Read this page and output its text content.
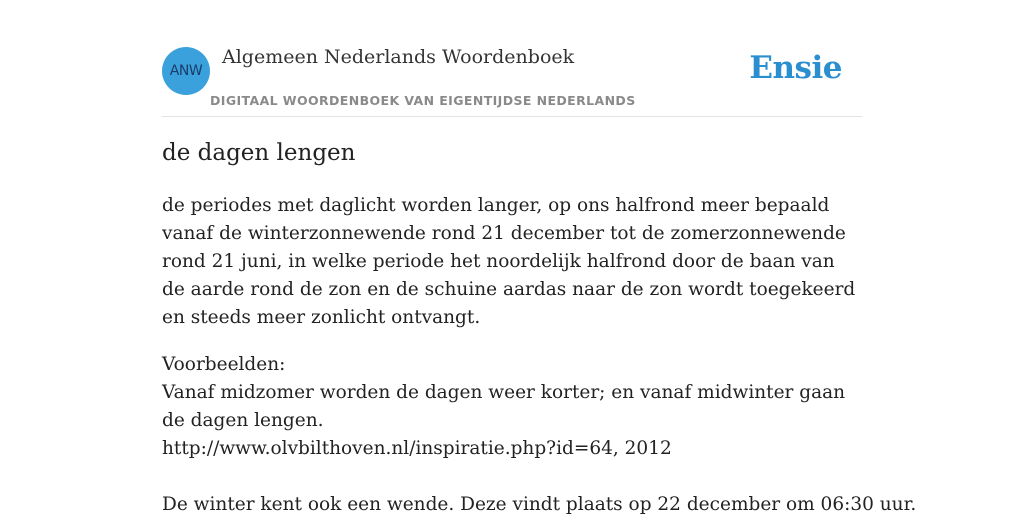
ANW
Algemeen Nederlands Woordenboek
DIGITAAL WOORDENBOEK VAN EIGENTIJDSE NEDERLANDS
Ensie
de dagen lengen

de periodes met daglicht worden langer, op ons halfrond meer bepaald vanaf de winterzonnewende rond 21 december tot de zomerzonnewende rond 21 juni, in welke periode het noordelijk halfrond door de baan van de aarde rond de zon en de schuine aardas naar de zon wordt toegekeerd en steeds meer zonlicht ontvangt.

Voorbeelden:
Vanaf midzomer worden de dagen weer korter; en vanaf midwinter gaan de dagen lengen.
http://www.olvbilthoven.nl/inspiratie.php?id=64, 2012
De winter kent ook een wende. Deze vindt plaats op 22 december om 06:30 uur.
